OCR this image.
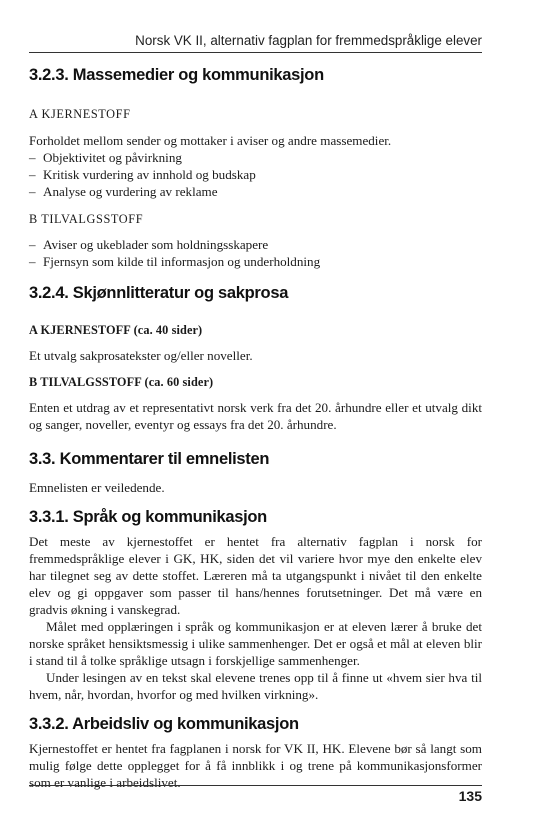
Norsk VK II, alternativ fagplan for fremmedspråklige elever
3.2.3. Massemedier og kommunikasjon

A KJERNESTOFF

Forholdet mellom sender og mottaker i aviser og andre massemedier.

– Objektivitet og påvirkning
– Kritisk vurdering av innhold og budskap
– Analyse og vurdering av reklame

B TILVALGSSTOFF

– Aviser og ukeblader som holdningsskapere
– Fjernsyn som kilde til informasjon og underholdning
3.2.4. Skjønnlitteratur og sakprosa

A KJERNESTOFF (ca. 40 sider)

Et utvalg sakprosatekster og/eller noveller.

B TILVALGSSTOFF (ca. 60 sider)

Enten et utdrag av et representativt norsk verk fra det 20. århundre eller et utvalg dikt og sanger, noveller, eventyr og essays fra det 20. århundre.

3.3. Kommentarer til emnelisten

Emnelisten er veiledende.

3.3.1. Språk og kommunikasjon

Det meste av kjernestoffet er hentet fra alternativ fagplan i norsk for fremmedspråklige elever i GK, HK, siden det vil variere hvor mye den enkelte elev har tilegnet seg av dette stoffet. Læreren må ta utgangspunkt i nivået til den enkelte elev og gi oppgaver som passer til hans/hennes forutsetninger. Det må være en gradvis økning i vanskegrad.

Målet med opplæringen i språk og kommunikasjon er at eleven lærer å bruke det norske språket hensiktsmessig i ulike sammenhenger. Det er også et mål at eleven blir i stand til å tolke språklige utsagn i forskjellige sammenhenger.

Under lesingen av en tekst skal elevene trenes opp til å finne ut «hvem sier hva til hvem, når, hvordan, hvorfor og med hvilken virkning».

3.3.2. Arbeidsliv og kommunikasjon

Kjernestoffet er hentet fra fagplanen i norsk for VK II, HK. Elevene bør så langt som mulig følge dette opplegget for å få innblikk i og trene på kommunikasjonsformer som er vanlige i arbeidslivet.

135
